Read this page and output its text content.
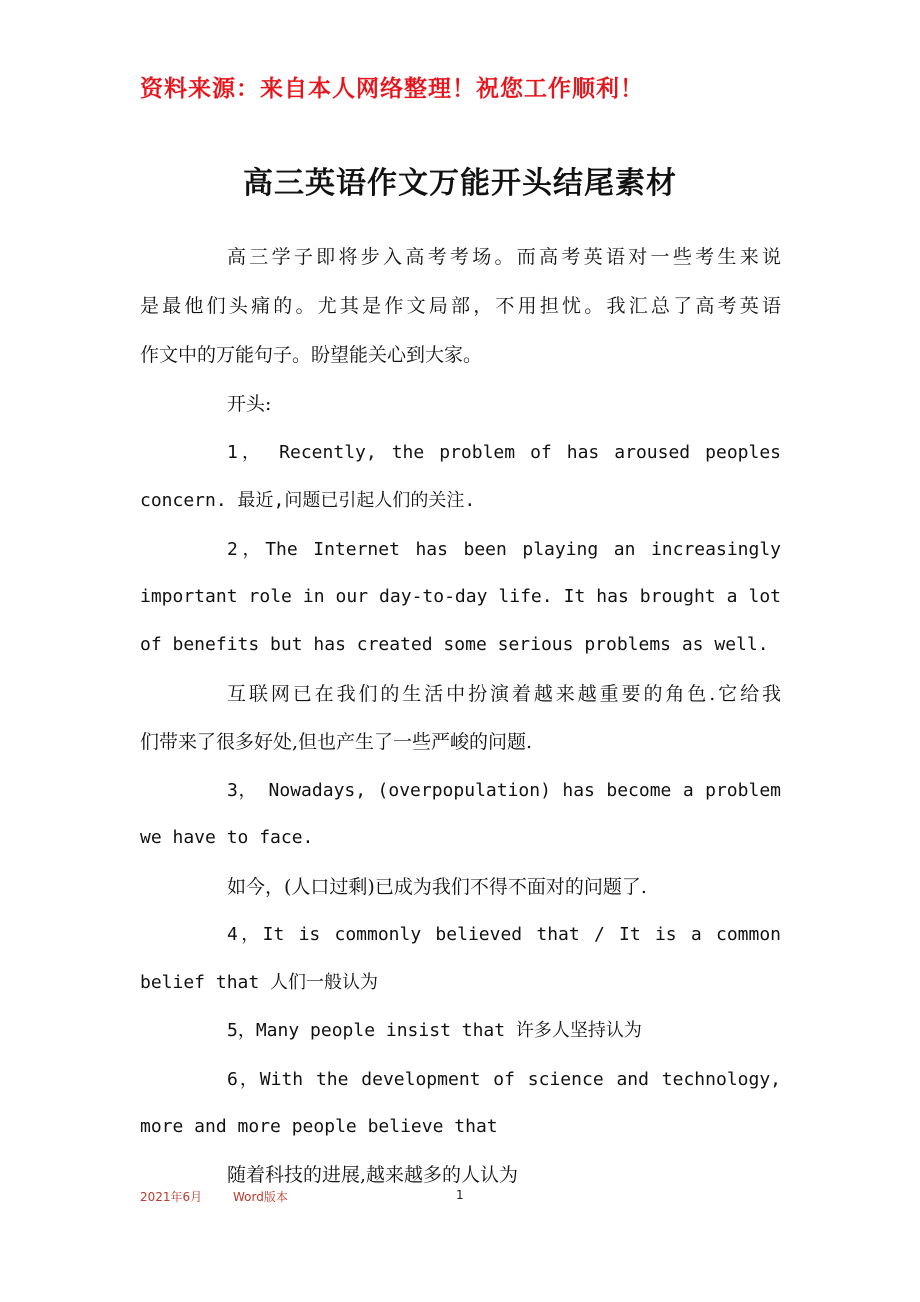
资料来源：来自本人网络整理！祝您工作顺利！
高三英语作文万能开头结尾素材
高三学子即将步入高考考场。而高考英语对一些考生来说
是最他们头痛的。尤其是作文局部，不用担忧。我汇总了高考英语
作文中的万能句子。盼望能关心到大家。
开头:
1， Recently, the problem of has aroused peoples
concern. 最近,问题已引起人们的关注.
2，The Internet has been playing an increasingly
important role in our day-to-day life. It has brought a lot
of benefits but has created some serious problems as well.
互联网已在我们的生活中扮演着越来越重要的角色.它给我
们带来了很多好处,但也产生了一些严峻的问题.
3， Nowadays, (overpopulation) has become a problem
we have to face.
如今，(人口过剩)已成为我们不得不面对的问题了.
4，It is commonly believed that / It is a common
belief that 人们一般认为
5，Many people insist that 许多人坚持认为
6，With the development of science and technology,
more and more people believe that
随着科技的进展,越来越多的人认为
2021年6月	Word版本	1
